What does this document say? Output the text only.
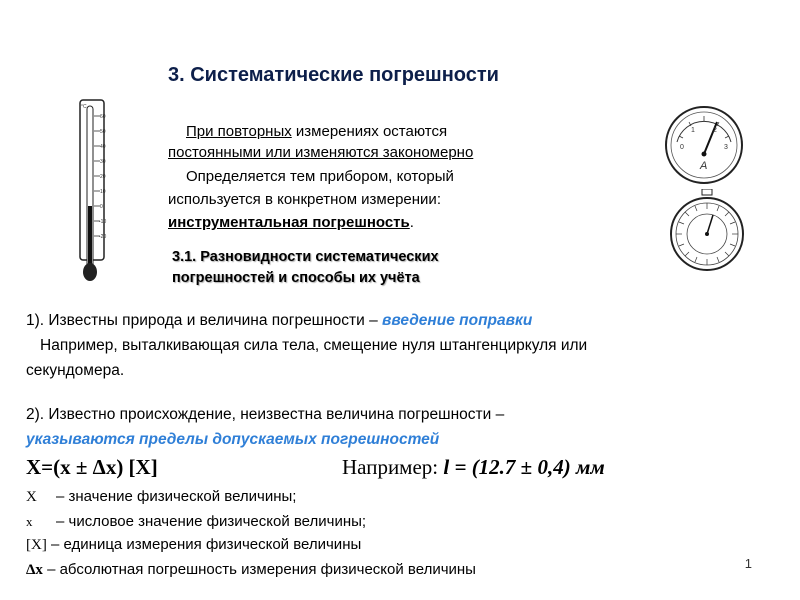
3. Систематические погрешности
°C
60
50
40
30
20
10
0
-10
-20
0
1	2
3
A
При повторных измерениях остаются
постоянными или изменяются закономерно
Определяется тем прибором, который
используется в конкретном измерении:
инструментальная погрешность.
3.1. Разновидности систематических
погрешностей и способы их учёта
1). Известны природа и величина погрешности – введение поправки
Например, выталкивающая сила тела, смещение нуля штангенциркуля или
секундомера.
2). Известно происхождение, неизвестна величина погрешности –
указываются пределы допускаемых погрешностей
X=(x ± Δx) [X]	Например: l = (12.7 ± 0,4) мм
X – значение физической величины;
x – числовое значение физической величины;
[X] – единица измерения физической величины
Δx – абсолютная погрешность измерения физической величины	1
